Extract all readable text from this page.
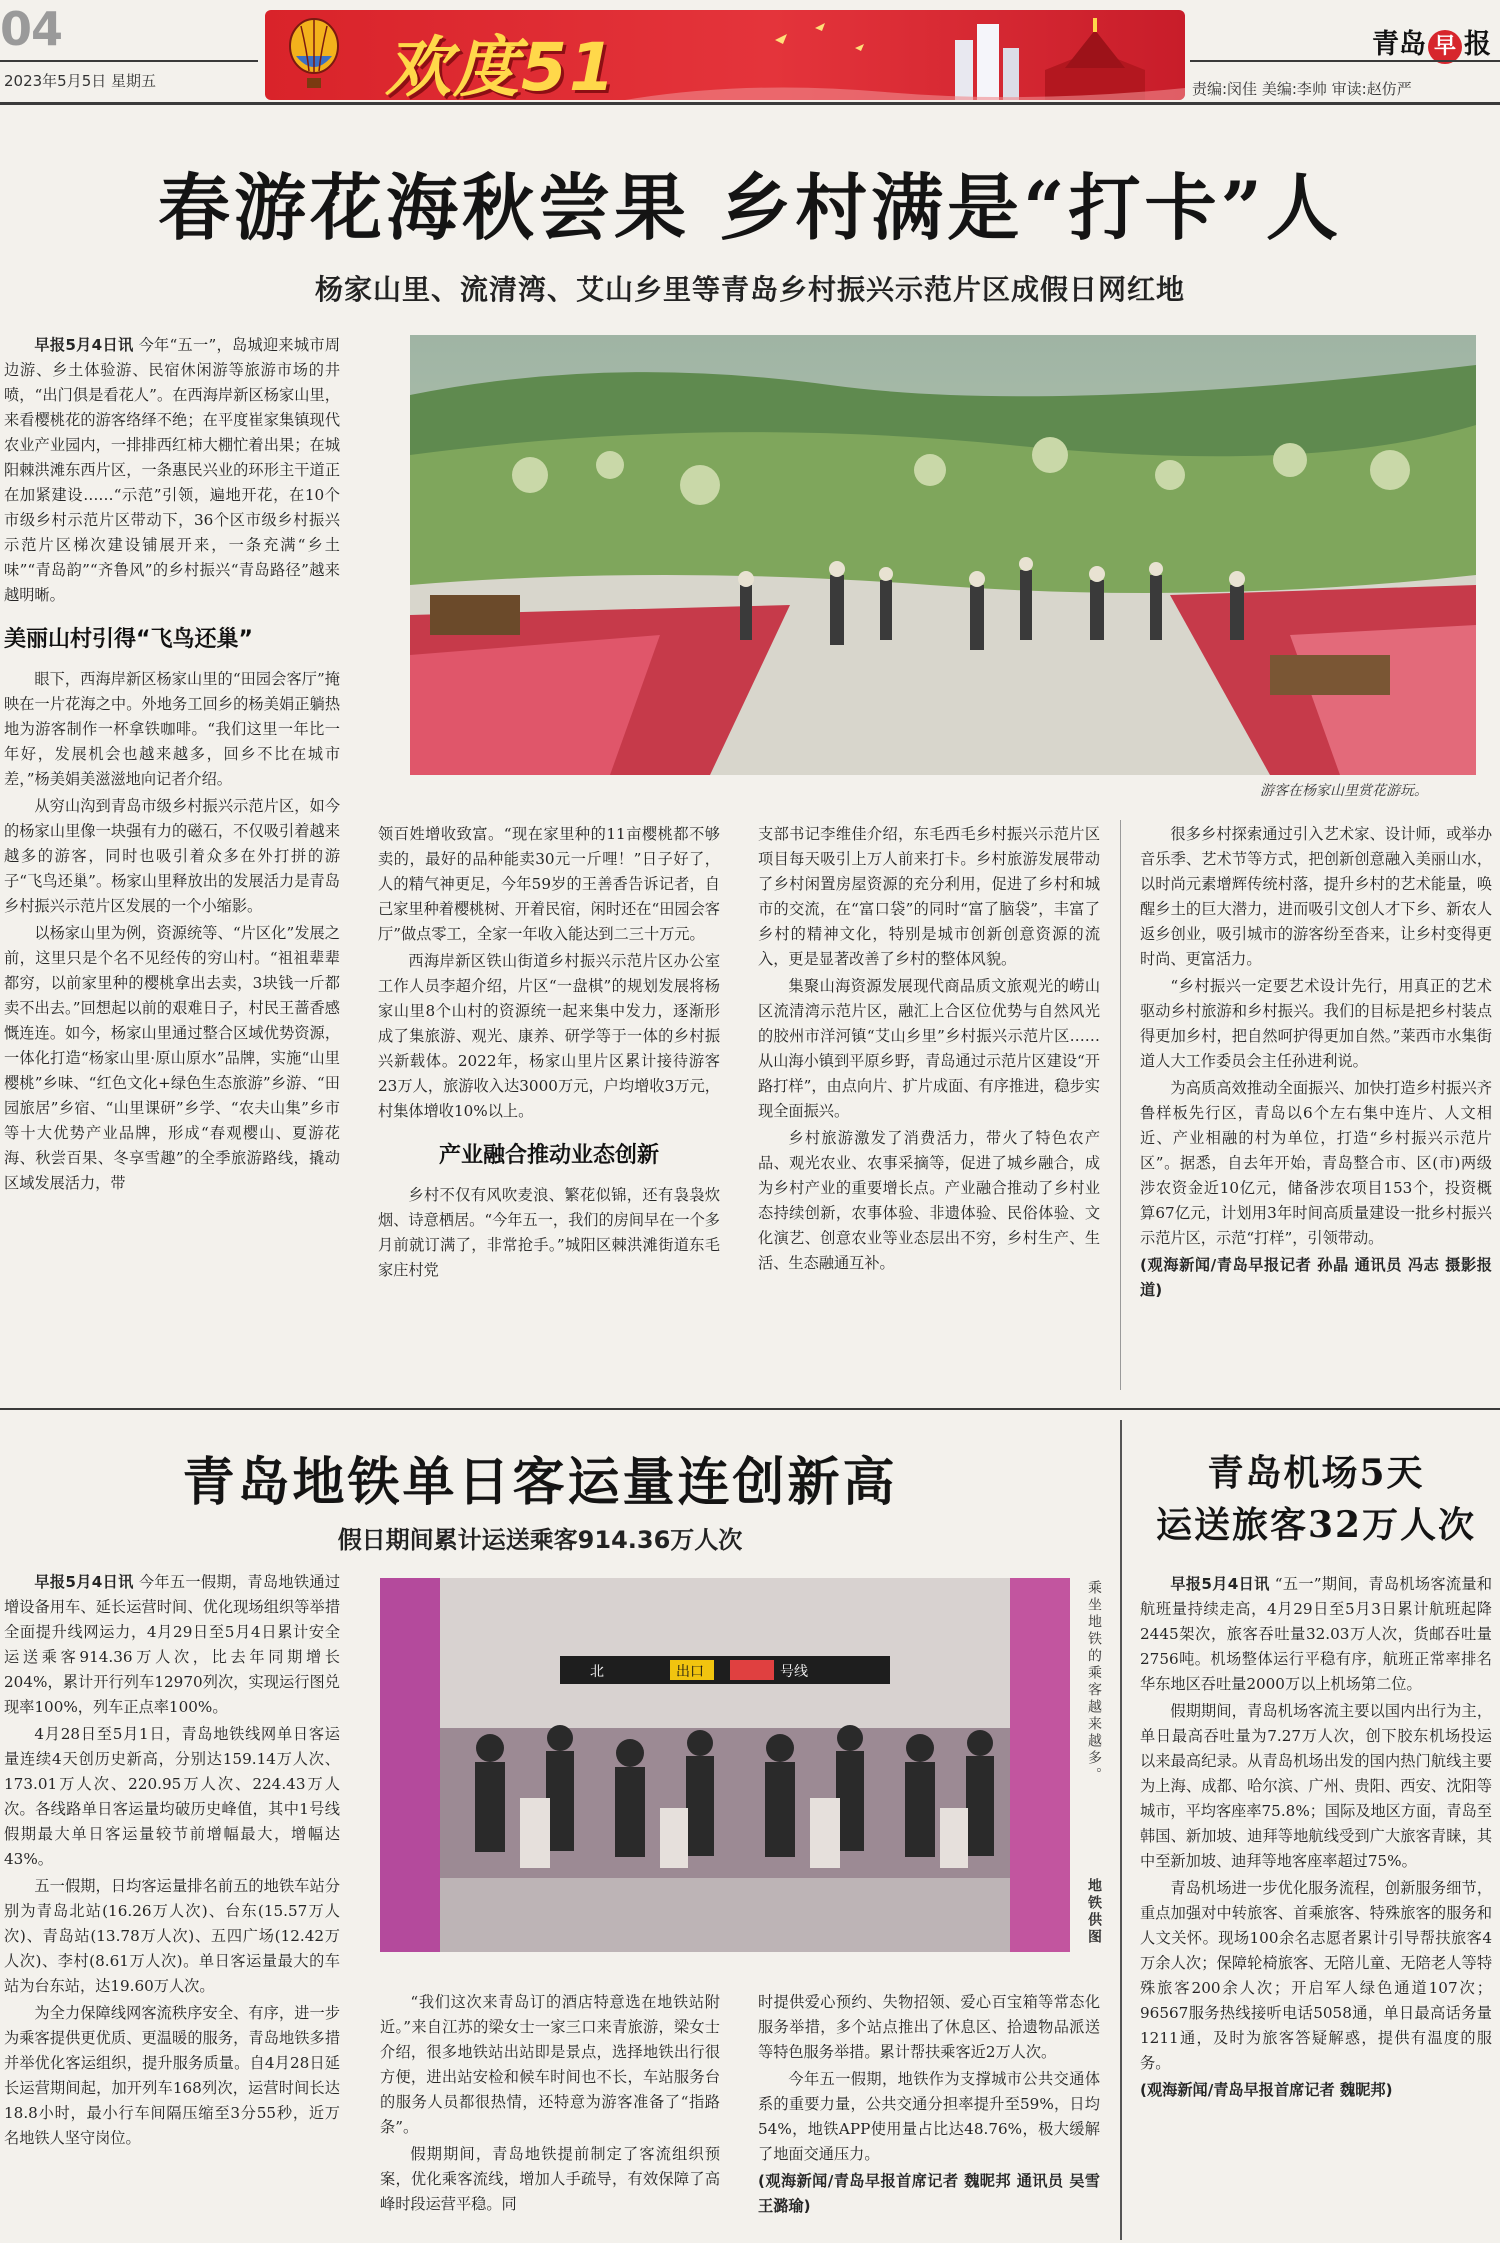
04
2023年5月5日 星期五	欢度51	青岛 早 报
责编:闵佳 美编:李帅 审读:赵仿严
春游花海秋尝果 乡村满是“打卡”人
杨家山里、流清湾、艾山乡里等青岛乡村振兴示范片区成假日网红地

早报5月4日讯 今年“五一”，岛城迎来城市周边游、乡土体验游、民宿休闲游等旅游市场的井喷，“出门俱是看花人”。在西海岸新区杨家山里，来看樱桃花的游客络绎不绝；在平度崔家集镇现代农业产业园内，一排排西红柿大棚忙着出果；在城阳棘洪滩东西片区，一条惠民兴业的环形主干道正在加紧建设……“示范”引领，遍地开花，在10个市级乡村示范片区带动下，36个区市级乡村振兴示范片区梯次建设铺展开来，一条充满“乡土味”“青岛韵”“齐鲁风”的乡村振兴“青岛路径”越来越明晰。

美丽山村引得“飞鸟还巢”

眼下，西海岸新区杨家山里的“田园会客厅”掩映在一片花海之中。外地务工回乡的杨美娟正躺热地为游客制作一杯拿铁咖啡。“我们这里一年比一年好，发展机会也越来越多，回乡不比在城市差，”杨美娟美滋滋地向记者介绍。

从穷山沟到青岛市级乡村振兴示范片区，如今的杨家山里像一块强有力的磁石，不仅吸引着越来越多的游客，同时也吸引着众多在外打拼的游子“飞鸟还巢”。杨家山里释放出的发展活力是青岛乡村振兴示范片区发展的一个小缩影。

以杨家山里为例，资源统等、“片区化”发展之前，这里只是个名不见经传的穷山村。“祖祖辈辈都穷，以前家里种的樱桃拿出去卖，3块钱一斤都卖不出去。”回想起以前的艰难日子，村民王蔷香感慨连连。如今，杨家山里通过整合区域优势资源，一体化打造“杨家山里·原山原水”品牌，实施“山里樱桃”乡味、“红色文化+绿色生态旅游”乡游、“田园旅居”乡宿、“山里课研”乡学、“农夫山集”乡市等十大优势产业品牌，形成“春观樱山、夏游花海、秋尝百果、冬享雪趣”的全季旅游路线，撬动区域发展活力，带

游客在杨家山里赏花游玩。

领百姓增收致富。“现在家里种的11亩樱桃都不够卖的，最好的品种能卖30元一斤哩！”日子好了，人的精气神更足，今年59岁的王善香告诉记者，自己家里种着樱桃树、开着民宿，闲时还在“田园会客厅”做点零工，全家一年收入能达到二三十万元。

西海岸新区铁山街道乡村振兴示范片区办公室工作人员李超介绍，片区“一盘棋”的规划发展将杨家山里8个山村的资源统一起来集中发力，逐渐形成了集旅游、观光、康养、研学等于一体的乡村振兴新载体。2022年，杨家山里片区累计接待游客23万人，旅游收入达3000万元，户均增收3万元，村集体增收10%以上。

产业融合推动业态创新

乡村不仅有风吹麦浪、繁花似锦，还有袅袅炊烟、诗意栖居。“今年五一，我们的房间早在一个多月前就订满了，非常抢手。”城阳区棘洪滩街道东毛家庄村党

支部书记李维佳介绍，东毛西毛乡村振兴示范片区项目每天吸引上万人前来打卡。乡村旅游发展带动了乡村闲置房屋资源的充分利用，促进了乡村和城市的交流，在“富口袋”的同时“富了脑袋”，丰富了乡村的精神文化，特别是城市创新创意资源的流入，更是显著改善了乡村的整体风貌。

集聚山海资源发展现代商品质文旅观光的崂山区流清湾示范片区，融汇上合区位优势与自然风光的胶州市洋河镇“艾山乡里”乡村振兴示范片区……从山海小镇到平原乡野，青岛通过示范片区建设“开路打样”，由点向片、扩片成面、有序推进，稳步实现全面振兴。

乡村旅游激发了消费活力，带火了特色农产品、观光农业、农事采摘等，促进了城乡融合，成为乡村产业的重要增长点。产业融合推动了乡村业态持续创新，农事体验、非遗体验、民俗体验、文化演艺、创意农业等业态层出不穷，乡村生产、生活、生态融通互补。

很多乡村探索通过引入艺术家、设计师，或举办音乐季、艺术节等方式，把创新创意融入美丽山水，以时尚元素增辉传统村落，提升乡村的艺术能量，唤醒乡土的巨大潜力，进而吸引文创人才下乡、新农人返乡创业，吸引城市的游客纷至沓来，让乡村变得更时尚、更富活力。

“乡村振兴一定要艺术设计先行，用真正的艺术驱动乡村旅游和乡村振兴。我们的目标是把乡村装点得更加乡村，把自然呵护得更加自然。”莱西市水集街道人大工作委员会主任孙进利说。

为高质高效推动全面振兴、加快打造乡村振兴齐鲁样板先行区，青岛以6个左右集中连片、人文相近、产业相融的村为单位，打造“乡村振兴示范片区”。据悉，自去年开始，青岛整合市、区(市)两级涉农资金近10亿元，储备涉农项目153个，投资概算67亿元，计划用3年时间高质量建设一批乡村振兴示范片区，示范“打样”，引领带动。

(观海新闻/青岛早报记者 孙晶 通讯员 冯志 摄影报道)

青岛地铁单日客运量连创新高
假日期间累计运送乘客914.36万人次

早报5月4日讯 今年五一假期，青岛地铁通过增设备用车、延长运营时间、优化现场组织等举措全面提升线网运力，4月29日至5月4日累计安全运送乘客914.36万人次，比去年同期增长204%，累计开行列车12970列次，实现运行图兑现率100%，列车正点率100%。

4月28日至5月1日，青岛地铁线网单日客运量连续4天创历史新高，分别达159.14万人次、173.01万人次、220.95万人次、224.43万人次。各线路单日客运量均破历史峰值，其中1号线假期最大单日客运量较节前增幅最大，增幅达43%。

五一假期，日均客运量排名前五的地铁车站分别为青岛北站(16.26万人次)、台东(15.57万人次)、青岛站(13.78万人次)、五四广场(12.42万人次)、李村(8.61万人次)。单日客运量最大的车站为台东站，达19.60万人次。

为全力保障线网客流秩序安全、有序，进一步为乘客提供更优质、更温暖的服务，青岛地铁多措并举优化客运组织，提升服务质量。自4月28日延长运营期间起，加开列车168列次，运营时间长达18.8小时，最小行车间隔压缩至3分55秒，近万名地铁人坚守岗位。

出口
北	号线	乘坐地铁的乘客越来越多。
地铁供图

“我们这次来青岛订的酒店特意选在地铁站附近。”来自江苏的梁女士一家三口来青旅游，梁女士介绍，很多地铁站出站即是景点，选择地铁出行很方便，进出站安检和候车时间也不长，车站服务台的服务人员都很热情，还特意为游客准备了“指路条”。

假期期间，青岛地铁提前制定了客流组织预案，优化乘客流线，增加人手疏导，有效保障了高峰时段运营平稳。同

时提供爱心预约、失物招领、爱心百宝箱等常态化服务举措，多个站点推出了休息区、拾遗物品派送等特色服务举措。累计帮扶乘客近2万人次。

今年五一假期，地铁作为支撑城市公共交通体系的重要力量，公共交通分担率提升至59%，日均54%，地铁APP使用量占比达48.76%，极大缓解了地面交通压力。

(观海新闻/青岛早报首席记者 魏昵邦 通讯员 吴雪 王潞瑜)

青岛机场5天
运送旅客32万人次

早报5月4日讯 “五一”期间，青岛机场客流量和航班量持续走高，4月29日至5月3日累计航班起降2445架次，旅客吞吐量32.03万人次，货邮吞吐量2756吨。机场整体运行平稳有序，航班正常率排名华东地区吞吐量2000万以上机场第二位。

假期期间，青岛机场客流主要以国内出行为主，单日最高吞吐量为7.27万人次，创下胶东机场投运以来最高纪录。从青岛机场出发的国内热门航线主要为上海、成都、哈尔滨、广州、贵阳、西安、沈阳等城市，平均客座率75.8%；国际及地区方面，青岛至韩国、新加坡、迪拜等地航线受到广大旅客青睐，其中至新加坡、迪拜等地客座率超过75%。

青岛机场进一步优化服务流程，创新服务细节，重点加强对中转旅客、首乘旅客、特殊旅客的服务和人文关怀。现场100余名志愿者累计引导帮扶旅客4万余人次；保障轮椅旅客、无陪儿童、无陪老人等特殊旅客200余人次；开启军人绿色通道107次；96567服务热线接听电话5058通，单日最高话务量1211通，及时为旅客答疑解惑，提供有温度的服务。

(观海新闻/青岛早报首席记者 魏昵邦)
